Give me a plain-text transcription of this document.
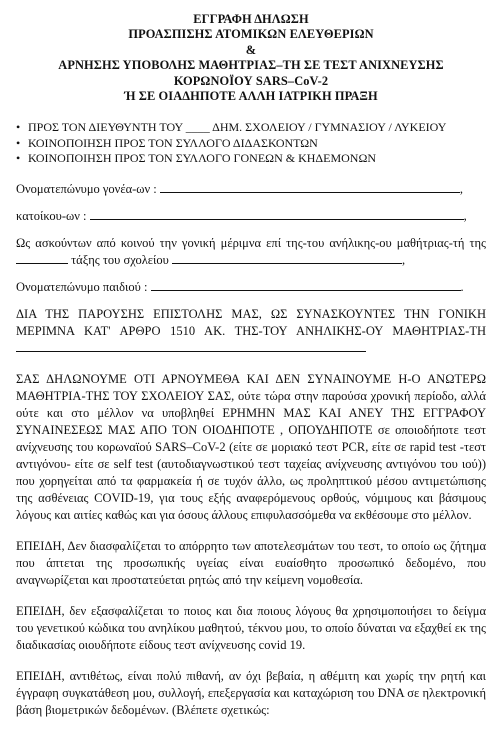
ΕΓΓΡΑΦΗ ΔΗΛΩΣΗ
ΠΡΟΑΣΠΙΣΗΣ ΑΤΟΜΙΚΩΝ ΕΛΕΥΘΕΡΙΩΝ
&
ΑΡΝΗΣΗΣ ΥΠΟΒΟΛΗΣ ΜΑΘΗΤΡΙΑΣ–ΤΗ ΣΕ ΤΕΣΤ ΑΝΙΧΝΕΥΣΗΣ
ΚΟΡΩΝΟΪΟΥ SARS–CoV-2
Ή ΣΕ ΟΙΑΔΗΠΟΤΕ ΑΛΛΗ ΙΑΤΡΙΚΗ ΠΡΑΞΗ
• ΠΡΟΣ ΤΟΝ ΔΙΕΥΘΥΝΤΗ ΤΟΥ ____ ΔΗΜ. ΣΧΟΛΕΙΟΥ / ΓΥΜΝΑΣΙΟΥ / ΛΥΚΕΙΟΥ
• ΚΟΙΝΟΠΟΙΗΣΗ ΠΡΟΣ ΤΟΝ ΣΥΛΛΟΓΟ ΔΙΔΑΣΚΟΝΤΩΝ
• ΚΟΙΝΟΠΟΙΗΣΗ ΠΡΟΣ ΤΟΝ ΣΥΛΛΟΓΟ ΓΟΝΕΩΝ & ΚΗΔΕΜΟΝΩΝ
Ονοματεπώνυμο γονέα-ων :	,
κατοίκου-ων :	,
Ως ασκούντων από κοινού την γονική μέριμνα επί της-του ανήλικης-ου μαθήτριας-τή της  τάξης του σχολείου	,
Ονοματεπώνυμο παιδιού :	.
ΔΙΑ ΤΗΣ ΠΑΡΟΥΣΗΣ ΕΠΙΣΤΟΛΗΣ ΜΑΣ, ΩΣ ΣΥΝΑΣΚΟΥΝΤΕΣ ΤΗΝ ΓΟΝΙΚΗ ΜΕΡΙΜΝΑ ΚΑΤ' ΑΡΘΡΟ 1510 ΑΚ. ΤΗΣ-ΤΟΥ ΑΝΗΛΙΚΗΣ-ΟΥ ΜΑΘΗΤΡΙΑΣ-ΤΗ
ΣΑΣ ΔΗΛΩΝΟΥΜΕ ΟΤΙ ΑΡΝΟΥΜΕΘΑ ΚΑΙ ΔΕΝ ΣΥΝΑΙΝΟΥΜΕ Η-Ο ΑΝΩΤΕΡΩ ΜΑΘΗΤΡΙΑ-ΤΗΣ ΤΟΥ ΣΧΟΛΕΙΟΥ ΣΑΣ, ούτε τώρα στην παρούσα χρονική περίοδο, αλλά ούτε και στο μέλλον να υποβληθεί ΕΡΗΜΗΝ ΜΑΣ ΚΑΙ ΑΝΕΥ ΤΗΣ ΕΓΓΡΑΦΟΥ ΣΥΝΑΙΝΕΣΕΩΣ ΜΑΣ ΑΠΟ ΤΟΝ ΟΙΟΔΗΠΟΤΕ , ΟΠΟΥΔΗΠΟΤΕ σε οποιοδήποτε τεστ ανίχνευσης του κορωναϊού SARS–CoV-2 (είτε σε μοριακό τεστ PCR, είτε σε rapid test -τεστ αντιγόνου- είτε σε self test (αυτοδιαγνωστικού τεστ ταχείας ανίχνευσης αντιγόνου του ιού)) που χορηγείται από τα φαρμακεία ή σε τυχόν άλλο, ως προληπτικού μέσου αντιμετώπισης της ασθένειας COVID-19, για τους εξής αναφερόμενους ορθούς, νόμιμους και βάσιμους λόγους και αιτίες καθώς και για όσους άλλους επιφυλασσόμεθα να εκθέσουμε στο μέλλον.
ΕΠΕΙΔΗ, Δεν διασφαλίζεται το απόρρητο των αποτελεσμάτων του τεστ, το οποίο ως ζήτημα που άπτεται της προσωπικής υγείας είναι ευαίσθητο προσωπικό δεδομένο, που αναγνωρίζεται και προστατεύεται ρητώς από την κείμενη νομοθεσία.
ΕΠΕΙΔΗ, δεν εξασφαλίζεται το ποιος και δια ποιους λόγους θα χρησιμοποιήσει το δείγμα του γενετικού κώδικα του ανηλίκου μαθητού, τέκνου μου, το οποίο δύναται να εξαχθεί εκ της διαδικασίας οιουδήποτε είδους τεστ ανίχνευσης covid 19.
ΕΠΕΙΔΗ, αντιθέτως, είναι πολύ πιθανή, αν όχι βεβαία, η αθέμιτη και χωρίς την ρητή και έγγραφη συγκατάθεση μου, συλλογή, επεξεργασία και καταχώριση του DNA σε ηλεκτρονική βάση βιομετρικών δεδομένων. (Βλέπετε σχετικώς:
